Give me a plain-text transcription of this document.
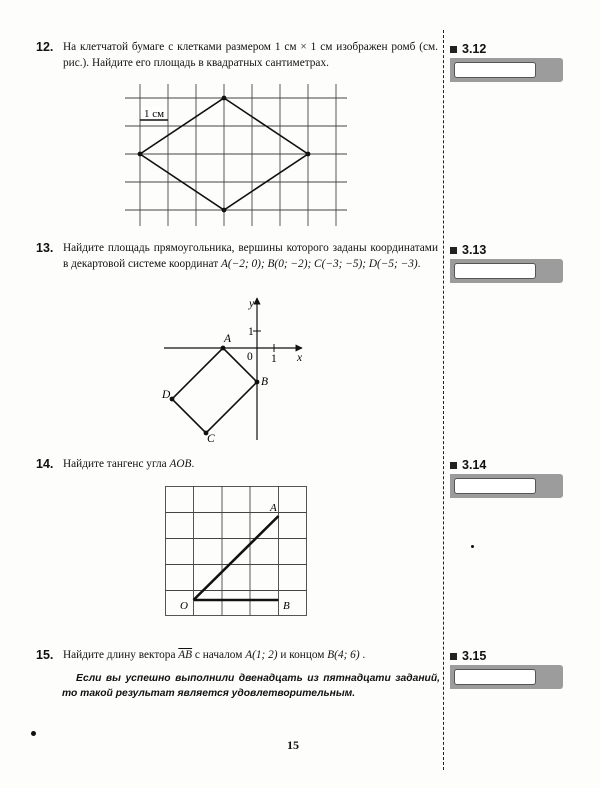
12. На клетчатой бумаге с клетками размером 1 см × 1 см изображен ромб (см. рис.). Найдите его площадь в квадратных сантиметрах.
1 см
3.12
13. Найдите площадь прямоугольника, вершины которого заданы координатами в декартовой системе координат A(−2; 0); B(0; −2); C(−3; −5); D(−5; −3).
A
B
C
D
x
y
0 1
1
3.13
14. Найдите тангенс угла AOB.
A
O	B
3.14
15. Найдите длину вектора $\overline{AB}$ с началом A(1; 2) и концом B(4; 6) .	3.15
Если вы успешно выполнили двенадцать из пятнадцати заданий, то такой результат является удовлетворительным.
15
